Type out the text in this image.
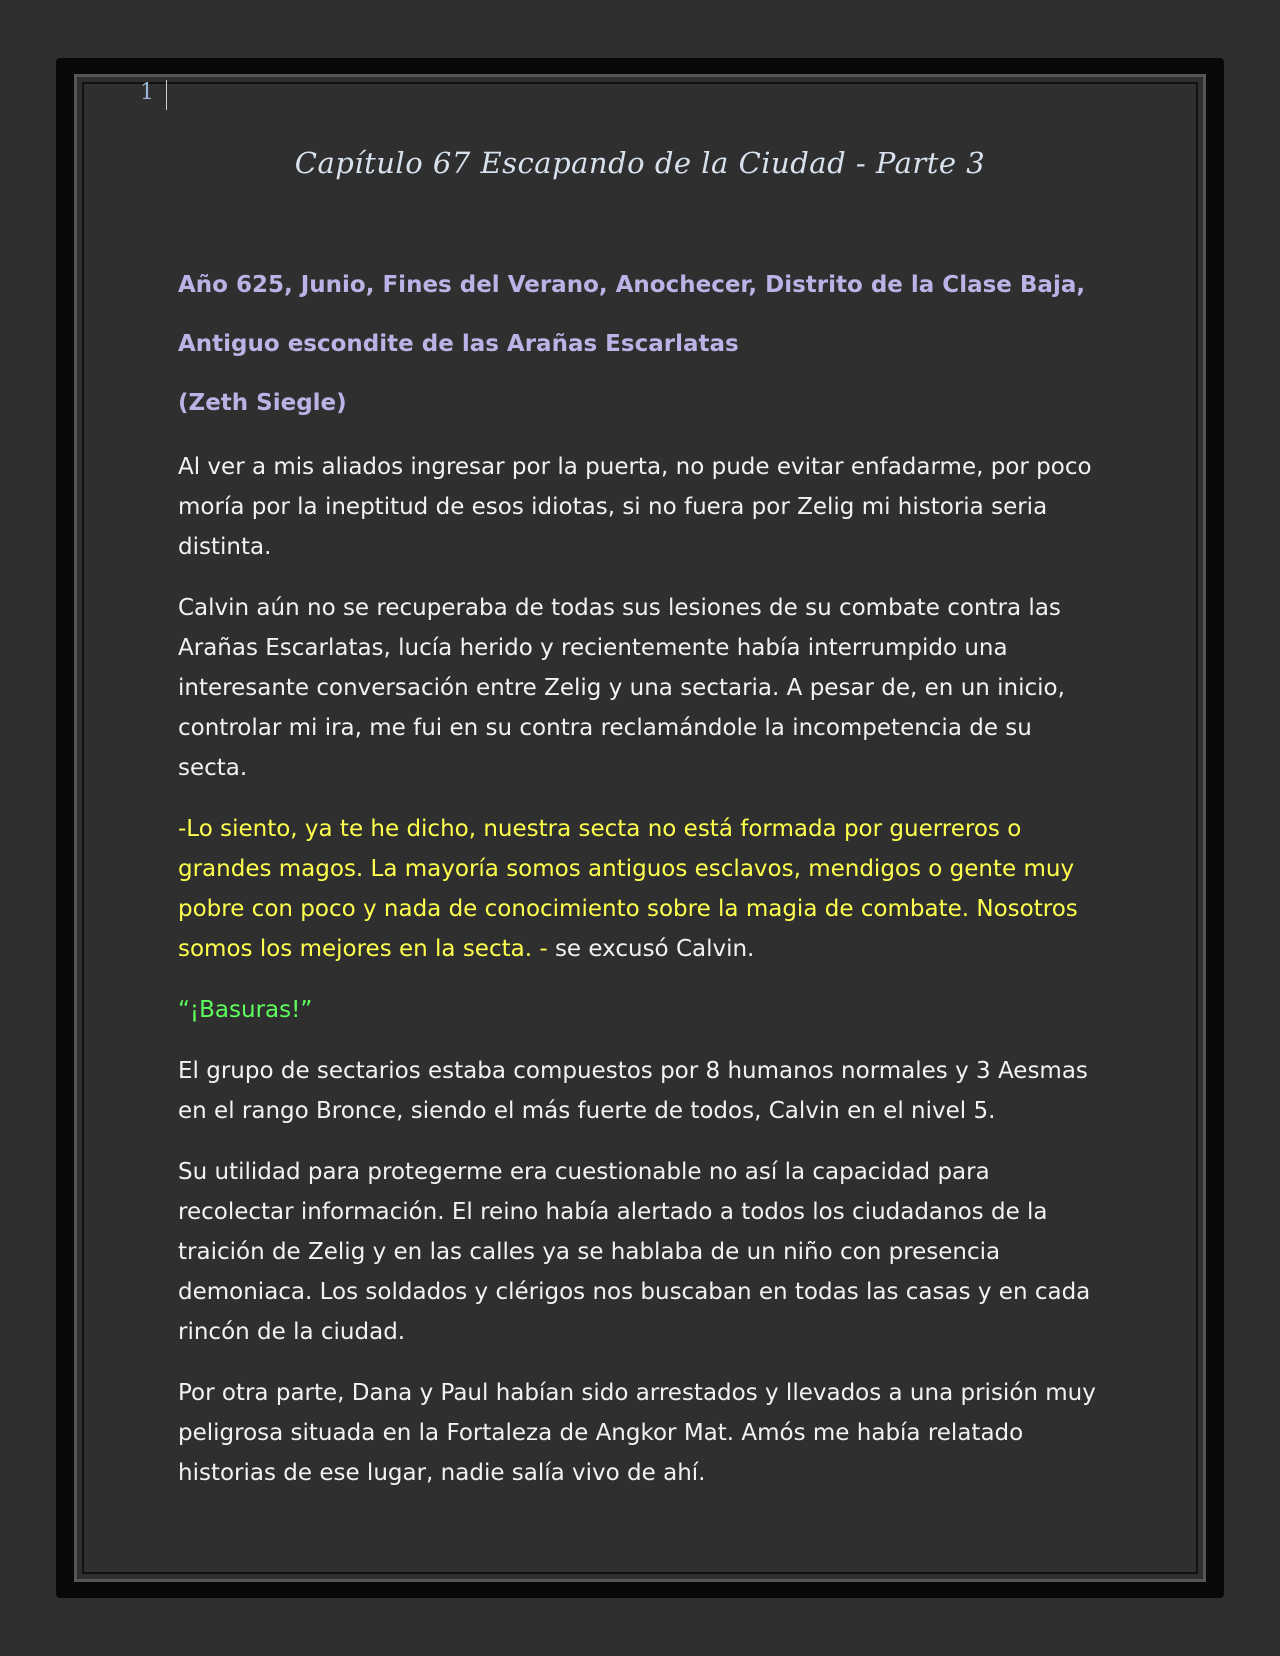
1
Capítulo 67 Escapando de la Ciudad - Parte 3

Año 625, Junio, Fines del Verano, Anochecer, Distrito de la Clase Baja,

Antiguo escondite de las Arañas Escarlatas

(Zeth Siegle)

Al ver a mis aliados ingresar por la puerta, no pude evitar enfadarme, por poco moría por la ineptitud de esos idiotas, si no fuera por Zelig mi historia seria distinta.

Calvin aún no se recuperaba de todas sus lesiones de su combate contra las Arañas Escarlatas, lucía herido y recientemente había interrumpido una interesante conversación entre Zelig y una sectaria. A pesar de, en un inicio, controlar mi ira, me fui en su contra reclamándole la incompetencia de su secta.

-Lo siento, ya te he dicho, nuestra secta no está formada por guerreros o grandes magos. La mayoría somos antiguos esclavos, mendigos o gente muy pobre con poco y nada de conocimiento sobre la magia de combate. Nosotros somos los mejores en la secta. - se excusó Calvin.

“¡Basuras!”

El grupo de sectarios estaba compuestos por 8 humanos normales y 3 Aesmas en el rango Bronce, siendo el más fuerte de todos, Calvin en el nivel 5.

Su utilidad para protegerme era cuestionable no así la capacidad para recolectar información. El reino había alertado a todos los ciudadanos de la traición de Zelig y en las calles ya se hablaba de un niño con presencia demoniaca. Los soldados y clérigos nos buscaban en todas las casas y en cada rincón de la ciudad.

Por otra parte, Dana y Paul habían sido arrestados y llevados a una prisión muy peligrosa situada en la Fortaleza de Angkor Mat. Amós me había relatado historias de ese lugar, nadie salía vivo de ahí.
